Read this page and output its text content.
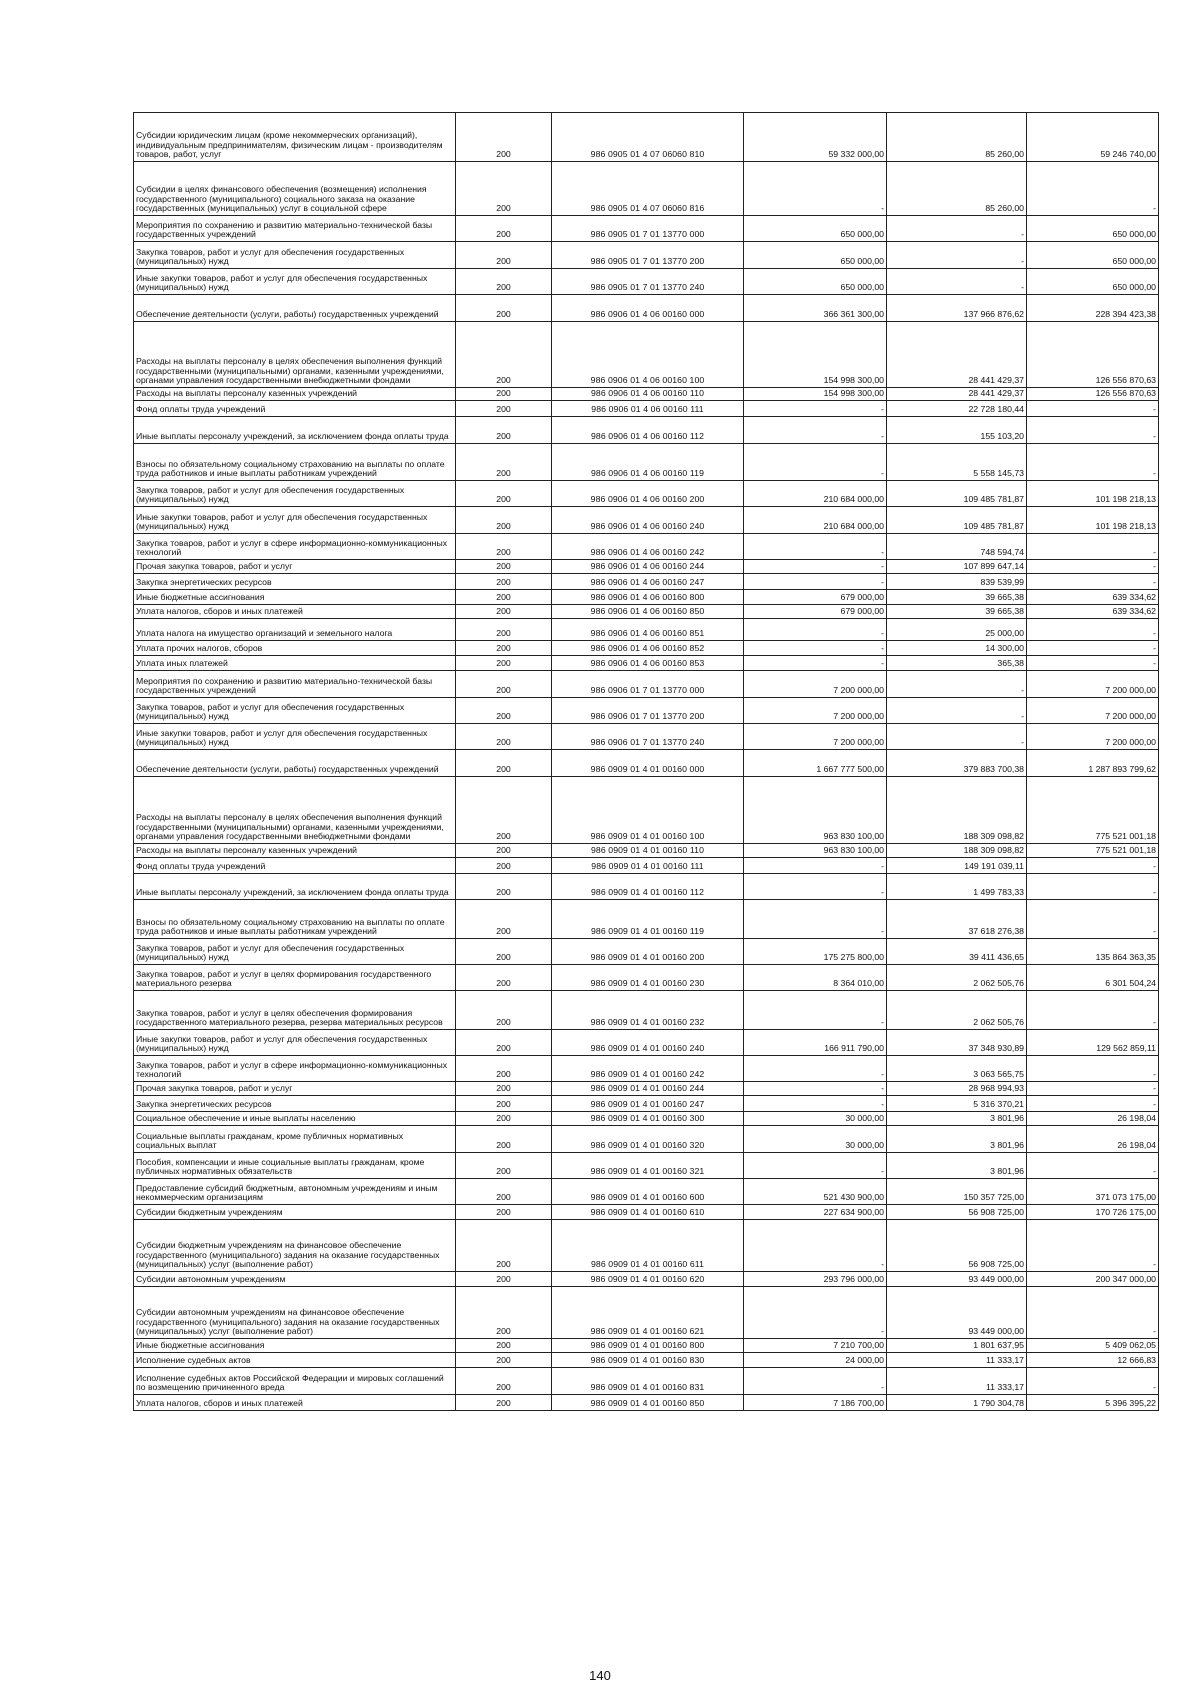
Субсидии юридическим лицам (кроме некоммерческих организаций), индивидуальным предпринимателям, физическим лицам - производителям товаров, работ, услуг	200	986 0905 01 4 07 06060 810	59 332 000,00	85 260,00	59 246 740,00
Субсидии в целях финансового обеспечения (возмещения) исполнения государственного (муниципального) социального заказа на оказание государственных (муниципальных) услуг в социальной сфере	200	986 0905 01 4 07 06060 816	-	85 260,00	-
Мероприятия по сохранению и развитию материально-технической базы государственных учреждений	200	986 0905 01 7 01 13770 000	650 000,00	-	650 000,00
Закупка товаров, работ и услуг для обеспечения государственных (муниципальных) нужд	200	986 0905 01 7 01 13770 200	650 000,00	-	650 000,00
Иные закупки товаров, работ и услуг для обеспечения государственных (муниципальных) нужд	200	986 0905 01 7 01 13770 240	650 000,00	-	650 000,00
Обеспечение деятельности (услуги, работы) государственных учреждений	200	986 0906 01 4 06 00160 000	366 361 300,00	137 966 876,62	228 394 423,38
Расходы на выплаты персоналу в целях обеспечения выполнения функций государственными (муниципальными) органами, казенными учреждениями, органами управления государственными внебюджетными фондами	200	986 0906 01 4 06 00160 100	154 998 300,00	28 441 429,37	126 556 870,63
Расходы на выплаты персоналу казенных учреждений	200	986 0906 01 4 06 00160 110	154 998 300,00	28 441 429,37	126 556 870,63
Фонд оплаты труда учреждений	200	986 0906 01 4 06 00160 111	-	22 728 180,44	-
Иные выплаты персоналу учреждений, за исключением фонда оплаты труда	200	986 0906 01 4 06 00160 112	-	155 103,20	-
Взносы по обязательному социальному страхованию на выплаты по оплате труда работников и иные выплаты работникам учреждений	200	986 0906 01 4 06 00160 119	-	5 558 145,73	-
Закупка товаров, работ и услуг для обеспечения государственных (муниципальных) нужд	200	986 0906 01 4 06 00160 200	210 684 000,00	109 485 781,87	101 198 218,13
Иные закупки товаров, работ и услуг для обеспечения государственных (муниципальных) нужд	200	986 0906 01 4 06 00160 240	210 684 000,00	109 485 781,87	101 198 218,13
Закупка товаров, работ и услуг в сфере информационно-коммуникационных технологий	200	986 0906 01 4 06 00160 242	-	748 594,74	-
Прочая закупка товаров, работ и услуг	200	986 0906 01 4 06 00160 244	-	107 899 647,14	-
Закупка энергетических ресурсов	200	986 0906 01 4 06 00160 247	-	839 539,99	-
Иные бюджетные ассигнования	200	986 0906 01 4 06 00160 800	679 000,00	39 665,38	639 334,62
Уплата налогов, сборов и иных платежей	200	986 0906 01 4 06 00160 850	679 000,00	39 665,38	639 334,62
Уплата налога на имущество организаций и земельного налога	200	986 0906 01 4 06 00160 851	-	25 000,00	-
Уплата прочих налогов, сборов	200	986 0906 01 4 06 00160 852	-	14 300,00	-
Уплата иных платежей	200	986 0906 01 4 06 00160 853	-	365,38	-
Мероприятия по сохранению и развитию материально-технической базы государственных учреждений	200	986 0906 01 7 01 13770 000	7 200 000,00	-	7 200 000,00
Закупка товаров, работ и услуг для обеспечения государственных (муниципальных) нужд	200	986 0906 01 7 01 13770 200	7 200 000,00	-	7 200 000,00
Иные закупки товаров, работ и услуг для обеспечения государственных (муниципальных) нужд	200	986 0906 01 7 01 13770 240	7 200 000,00	-	7 200 000,00
Обеспечение деятельности (услуги, работы) государственных учреждений	200	986 0909 01 4 01 00160 000	1 667 777 500,00	379 883 700,38	1 287 893 799,62
Расходы на выплаты персоналу в целях обеспечения выполнения функций государственными (муниципальными) органами, казенными учреждениями, органами управления государственными внебюджетными фондами	200	986 0909 01 4 01 00160 100	963 830 100,00	188 309 098,82	775 521 001,18
Расходы на выплаты персоналу казенных учреждений	200	986 0909 01 4 01 00160 110	963 830 100,00	188 309 098,82	775 521 001,18
Фонд оплаты труда учреждений	200	986 0909 01 4 01 00160 111	-	149 191 039,11	-
Иные выплаты персоналу учреждений, за исключением фонда оплаты труда	200	986 0909 01 4 01 00160 112	-	1 499 783,33	-
Взносы по обязательному социальному страхованию на выплаты по оплате труда работников и иные выплаты работникам учреждений	200	986 0909 01 4 01 00160 119	-	37 618 276,38	-
Закупка товаров, работ и услуг для обеспечения государственных (муниципальных) нужд	200	986 0909 01 4 01 00160 200	175 275 800,00	39 411 436,65	135 864 363,35
Закупка товаров, работ и услуг в целях формирования государственного материального резерва	200	986 0909 01 4 01 00160 230	8 364 010,00	2 062 505,76	6 301 504,24
Закупка товаров, работ и услуг в целях обеспечения формирования государственного материального резерва, резерва материальных ресурсов	200	986 0909 01 4 01 00160 232	-	2 062 505,76	-
Иные закупки товаров, работ и услуг для обеспечения государственных (муниципальных) нужд	200	986 0909 01 4 01 00160 240	166 911 790,00	37 348 930,89	129 562 859,11
Закупка товаров, работ и услуг в сфере информационно-коммуникационных технологий	200	986 0909 01 4 01 00160 242	-	3 063 565,75	-
Прочая закупка товаров, работ и услуг	200	986 0909 01 4 01 00160 244	-	28 968 994,93	-
Закупка энергетических ресурсов	200	986 0909 01 4 01 00160 247	-	5 316 370,21	-
Социальное обеспечение и иные выплаты населению	200	986 0909 01 4 01 00160 300	30 000,00	3 801,96	26 198,04
Социальные выплаты гражданам, кроме публичных нормативных социальных выплат	200	986 0909 01 4 01 00160 320	30 000,00	3 801,96	26 198,04
Пособия, компенсации и иные социальные выплаты гражданам, кроме публичных нормативных обязательств	200	986 0909 01 4 01 00160 321	-	3 801,96	-
Предоставление субсидий бюджетным, автономным учреждениям и иным некоммерческим организациям	200	986 0909 01 4 01 00160 600	521 430 900,00	150 357 725,00	371 073 175,00
Субсидии бюджетным учреждениям	200	986 0909 01 4 01 00160 610	227 634 900,00	56 908 725,00	170 726 175,00
Субсидии бюджетным учреждениям на финансовое обеспечение государственного (муниципального) задания на оказание государственных (муниципальных) услуг (выполнение работ)	200	986 0909 01 4 01 00160 611	-	56 908 725,00	-
Субсидии автономным учреждениям	200	986 0909 01 4 01 00160 620	293 796 000,00	93 449 000,00	200 347 000,00
Субсидии автономным учреждениям на финансовое обеспечение государственного (муниципального) задания на оказание государственных (муниципальных) услуг (выполнение работ)	200	986 0909 01 4 01 00160 621	-	93 449 000,00	-
Иные бюджетные ассигнования	200	986 0909 01 4 01 00160 800	7 210 700,00	1 801 637,95	5 409 062,05
Исполнение судебных актов	200	986 0909 01 4 01 00160 830	24 000,00	11 333,17	12 666,83
Исполнение судебных актов Российской Федерации и мировых соглашений по возмещению причиненного вреда	200	986 0909 01 4 01 00160 831	-	11 333,17	-
Уплата налогов, сборов и иных платежей	200	986 0909 01 4 01 00160 850	7 186 700,00	1 790 304,78	5 396 395,22
140
